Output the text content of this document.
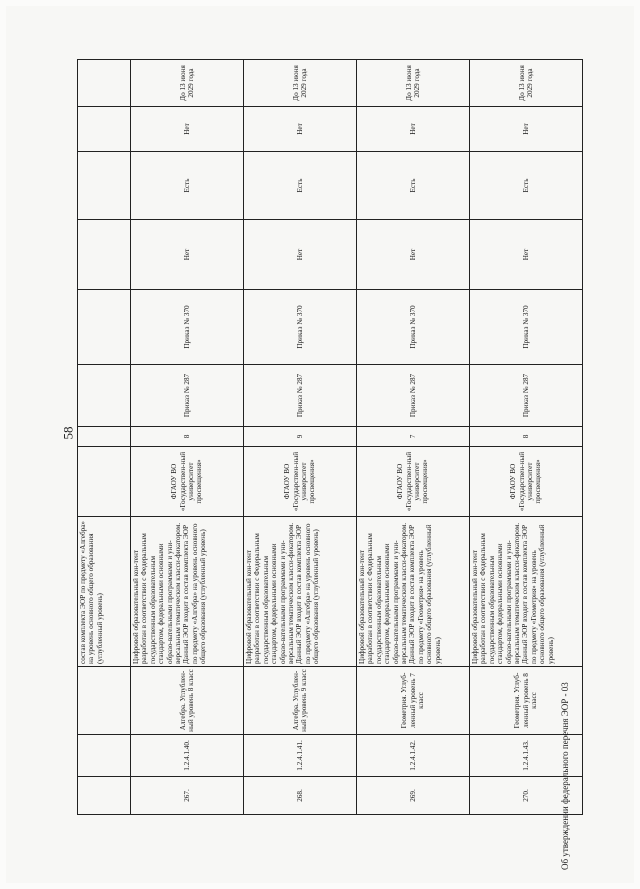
58
			состав комплекта ЭОР по предмету «Алгебра» на уровень основного общего образования (углубленный уровень)								
267.	1.2.4.1.40.	Алгебра. Углублен-ный уровень 8 класс	Цифровой образовательный кон-тент разработан в соответствии с Федеральным государственным образовательным стандартом, федеральными основными образо-вательными программами и уни-версальным тематическим класси-фикатором. Данный ЭОР входит в состав комплекта ЭОР по предмету «Алгебра» на уровень основного общего образования (углубленный уровень)	ФГАОУ ВО «Государствен-ный университет просвещения»	8	Приказ № 287	Приказ № 370	Нет	Есть	Нет	До 13 июня 2029 года
268.	1.2.4.1.41.	Алгебра. Углублен-ный уровень 9 класс	Цифровой образовательный кон-тент разработан в соответствии с Федеральным государственным образовательным стандартом, федеральными основными образо-вательными программами и уни-версальным тематическим класси-фикатором. Данный ЭОР входит в состав комплекта ЭОР по предмету «Алгебра» на уровень основного общего образования (углубленный уровень)	ФГАОУ ВО «Государствен-ный университет просвещения»	9	Приказ № 287	Приказ № 370	Нет	Есть	Нет	До 13 июня 2029 года
269.	1.2.4.1.42.	Геометрия. Углуб-ленный уровень 7 класс	Цифровой образовательный кон-тент разработан в соответствии с Федеральным государственным образовательным стандартом, федеральными основными образо-вательными программами и уни-версальным тематическим класси-фикатором. Данный ЭОР входит в состав комплекта ЭОР по предмету «Геометрия» на уровень основного общего образования (углубленный уровень)	ФГАОУ ВО «Государствен-ный университет просвещения»	7	Приказ № 287	Приказ № 370	Нет	Есть	Нет	До 13 июня 2029 года
270.	1.2.4.1.43.	Геометрия. Углуб-ленный уровень 8 класс	Цифровой образовательный кон-тент разработан в соответствии с Федеральным государственным образовательным стандартом, федеральными основными образо-вательными программами и уни-версальным тематическим класси-фикатором. Данный ЭОР входит в состав комплекта ЭОР по предмету «Геометрия» на уровень основного общего образования (углубленный уровень)	ФГАОУ ВО «Государствен-ный университет просвещения»	8	Приказ № 287	Приказ № 370	Нет	Есть	Нет	До 13 июня 2029 года
Об утверждении федерального перечня ЭОР - 03
